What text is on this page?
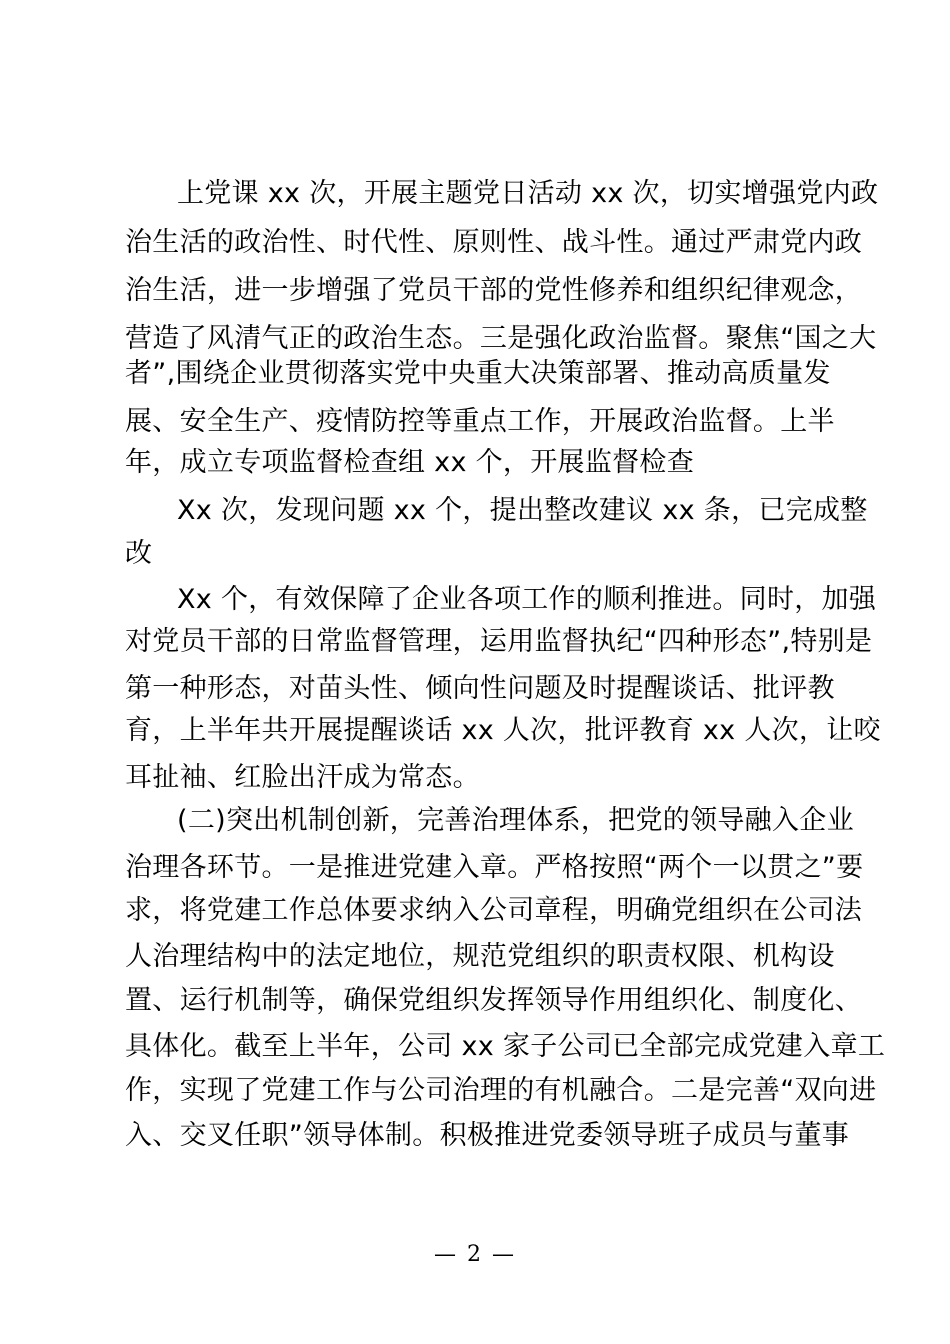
上党课 xx 次，开展主题党日活动 xx 次，切实增强党内政
治生活的政治性、时代性、原则性、战斗性。通过严肃党内政
治生活，进一步增强了党员干部的党性修养和组织纪律观念，
营造了风清气正的政治生态。三是强化政治监督。聚焦“国之大
者”,围绕企业贯彻落实党中央重大决策部署、推动高质量发
展、安全生产、疫情防控等重点工作，开展政治监督。上半
年，成立专项监督检查组 xx 个，开展监督检查
Xx 次，发现问题 xx 个，提出整改建议 xx 条，已完成整
改
Xx 个，有效保障了企业各项工作的顺利推进。同时，加强
对党员干部的日常监督管理，运用监督执纪“四种形态”,特别是
第一种形态，对苗头性、倾向性问题及时提醒谈话、批评教
育，上半年共开展提醒谈话 xx 人次，批评教育 xx 人次，让咬
耳扯袖、红脸出汗成为常态。
(二)突出机制创新，完善治理体系，把党的领导融入企业
治理各环节。一是推进党建入章。严格按照“两个一以贯之”要
求，将党建工作总体要求纳入公司章程，明确党组织在公司法
人治理结构中的法定地位，规范党组织的职责权限、机构设
置、运行机制等，确保党组织发挥领导作用组织化、制度化、
具体化。截至上半年，公司 xx 家子公司已全部完成党建入章工
作，实现了党建工作与公司治理的有机融合。二是完善“双向进
入、交叉任职”领导体制。积极推进党委领导班子成员与董事
— 2 —
